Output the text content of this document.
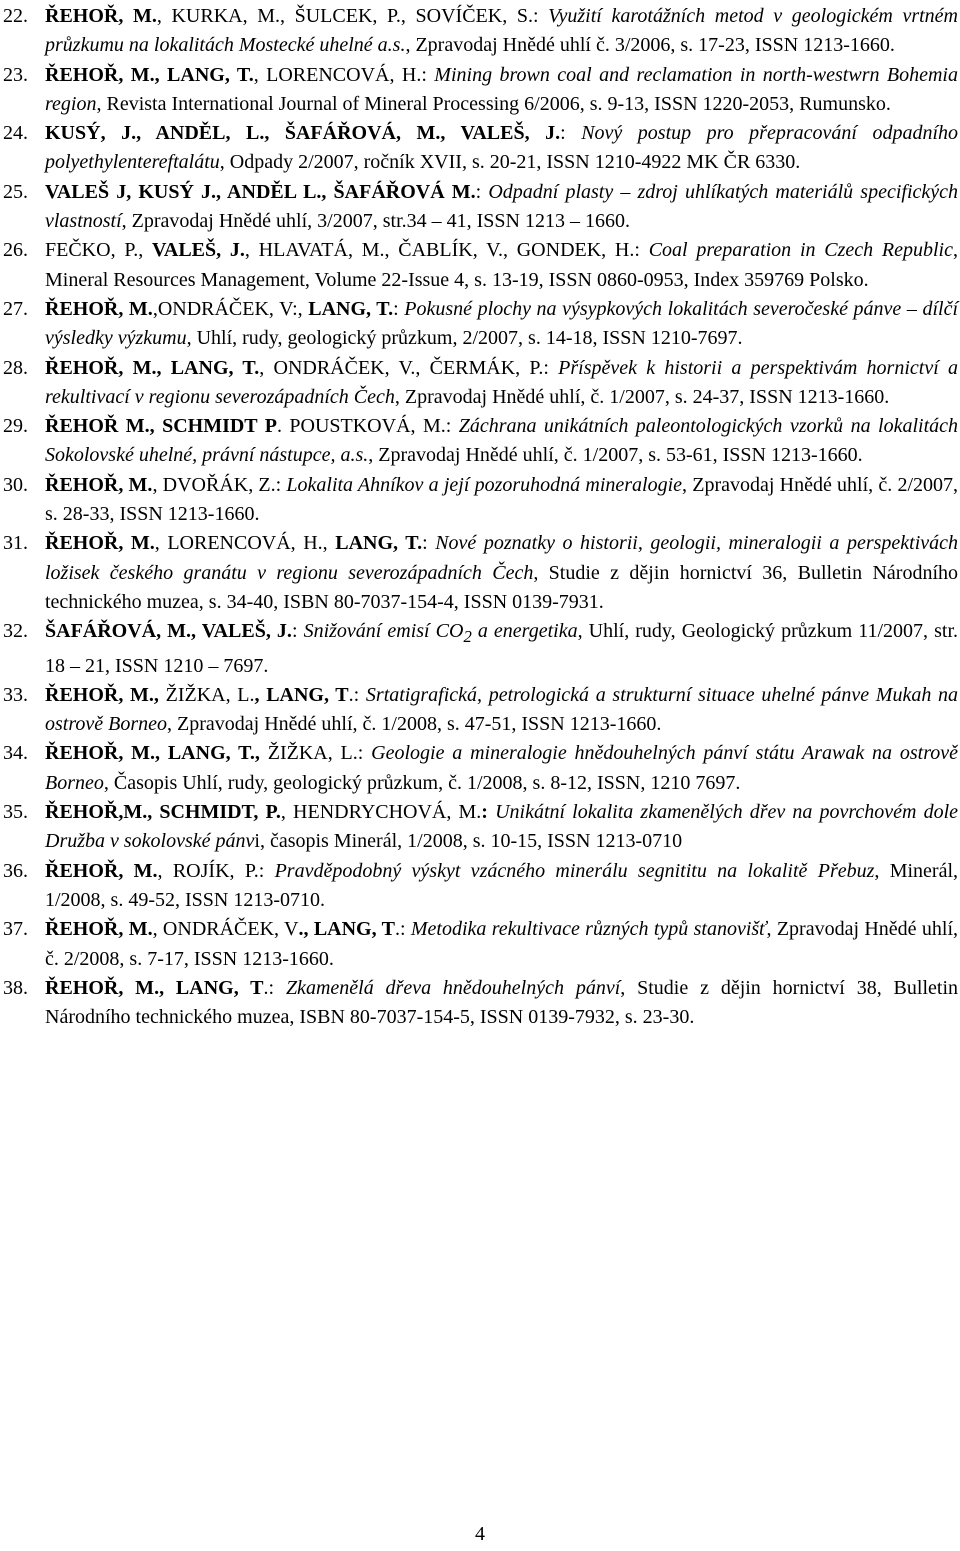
22. ŘEHOŘ, M., KURKA, M., ŠULCEK, P., SOVÍČEK, S.: Využití karotážních metod v geologickém vrtném průzkumu na lokalitách Mostecké uhelné a.s., Zpravodaj Hnědé uhlí č. 3/2006, s. 17-23, ISSN 1213-1660.
23. ŘEHOŘ, M., LANG, T., LORENCOVÁ, H.: Mining brown coal and reclamation in north-westwrn Bohemia region, Revista International Journal of Mineral Processing 6/2006, s. 9-13, ISSN 1220-2053, Rumunsko.
24. KUSÝ, J., ANDĚL, L., ŠAFÁŘOVÁ, M., VALEŠ, J.: Nový postup pro přepracování odpadního polyethylentereftalátu, Odpady 2/2007, ročník XVII, s. 20-21, ISSN 1210-4922 MK ČR 6330.
25. VALEŠ J, KUSÝ J., ANDĚL L., ŠAFÁŘOVÁ M.: Odpadní plasty – zdroj uhlíkatých materiálů specifických vlastností, Zpravodaj Hnědé uhlí, 3/2007, str.34 – 41, ISSN 1213 – 1660.
26. FEČKO, P., VALEŠ, J., HLAVATÁ, M., ČABLÍK, V., GONDEK, H.: Coal preparation in Czech Republic, Mineral Resources Management, Volume 22-Issue 4, s. 13-19, ISSN 0860-0953, Index 359769 Polsko.
27. ŘEHOŘ, M.,ONDRÁČEK, V:, LANG, T.: Pokusné plochy na výsypkových lokalitách severočeské pánve – dílčí výsledky výzkumu, Uhlí, rudy, geologický průzkum, 2/2007, s. 14-18, ISSN 1210-7697.
28. ŘEHOŘ, M., LANG, T., ONDRÁČEK, V., ČERMÁK, P.: Příspěvek k historii a perspektivám hornictví a rekultivací v regionu severozápadních Čech, Zpravodaj Hnědé uhlí, č. 1/2007, s. 24-37, ISSN 1213-1660.
29. ŘEHOŘ M., SCHMIDT P. POUSTKOVÁ, M.: Záchrana unikátních paleontologických vzorků na lokalitách Sokolovské uhelné, právní nástupce, a.s., Zpravodaj Hnědé uhlí, č. 1/2007, s. 53-61, ISSN 1213-1660.
30. ŘEHOŘ, M., DVOŘÁK, Z.: Lokalita Ahníkov a její pozoruhodná mineralogie, Zpravodaj Hnědé uhlí, č. 2/2007, s. 28-33, ISSN 1213-1660.
31. ŘEHOŘ, M., LORENCOVÁ, H., LANG, T.: Nové poznatky o historii, geologii, mineralogii a perspektivách ložisek českého granátu v regionu severozápadních Čech, Studie z dějin hornictví 36, Bulletin Národního technického muzea, s. 34-40, ISBN 80-7037-154-4, ISSN 0139-7931.
32. ŠAFÁŘOVÁ, M., VALEŠ, J.: Snižování emisí $CO_2$ a energetika, Uhlí, rudy, Geologický průzkum 11/2007, str. 18 – 21, ISSN 1210 – 7697.
33. ŘEHOŘ, M., ŽIŽKA, L., LANG, T.: Srtatigrafická, petrologická a strukturní situace uhelné pánve Mukah na ostrově Borneo, Zpravodaj Hnědé uhlí, č. 1/2008, s. 47-51, ISSN 1213-1660.
34. ŘEHOŘ, M., LANG, T., ŽIŽKA, L.: Geologie a mineralogie hnědouhelných pánví státu Arawak na ostrově Borneo, Časopis Uhlí, rudy, geologický průzkum, č. 1/2008, s. 8-12, ISSN, 1210 7697.
35. ŘEHOŘ,M., SCHMIDT, P., HENDRYCHOVÁ, M.: Unikátní lokalita zkamenělých dřev na povrchovém dole Družba v sokolovské pánvi, časopis Minerál, 1/2008, s. 10-15, ISSN 1213-0710
36. ŘEHOŘ, M., ROJÍK, P.: Pravděpodobný výskyt vzácného minerálu segnititu na lokalitě Přebuz, Minerál, 1/2008, s. 49-52, ISSN 1213-0710.
37. ŘEHOŘ, M., ONDRÁČEK, V., LANG, T.: Metodika rekultivace různých typů stanovišť, Zpravodaj Hnědé uhlí, č. 2/2008, s. 7-17, ISSN 1213-1660.
38. ŘEHOŘ, M., LANG, T.: Zkamenělá dřeva hnědouhelných pánví, Studie z dějin hornictví 38, Bulletin Národního technického muzea, ISBN 80-7037-154-5, ISSN 0139-7932, s. 23-30.
4
